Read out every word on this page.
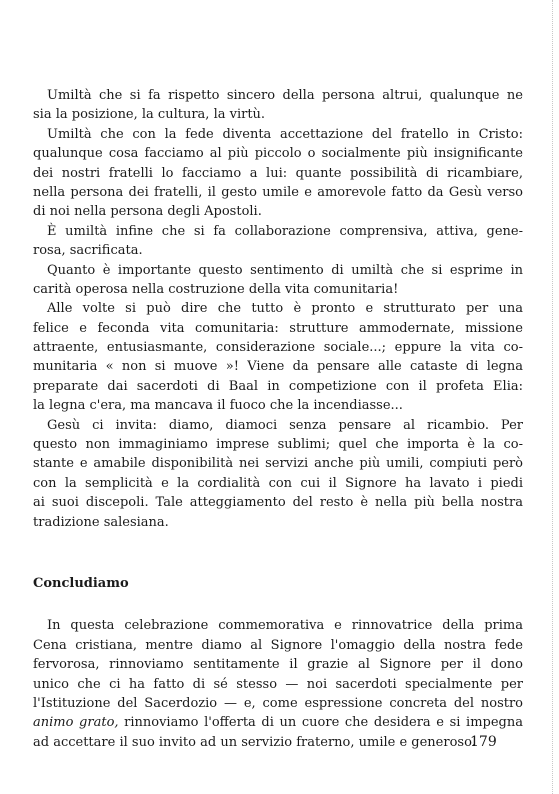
Umiltà che si fa rispetto sincero della persona altrui, qualunque ne
sia la posizione, la cultura, la virtù.
Umiltà che con la fede diventa accettazione del fratello in Cristo:
qualunque cosa facciamo al più piccolo o socialmente più insignificante
dei nostri fratelli lo facciamo a lui: quante possibilità di ricambiare,
nella persona dei fratelli, il gesto umile e amorevole fatto da Gesù verso
di noi nella persona degli Apostoli.
È umiltà infine che si fa collaborazione comprensiva, attiva, gene-
rosa, sacrificata.
Quanto è importante questo sentimento di umiltà che si esprime in
carità operosa nella costruzione della vita comunitaria!
Alle volte si può dire che tutto è pronto e strutturato per una
felice e feconda vita comunitaria: strutture ammodernate, missione
attraente, entusiasmante, considerazione sociale...; eppure la vita co-
munitaria « non si muove »! Viene da pensare alle cataste di legna
preparate dai sacerdoti di Baal in competizione con il profeta Elia:
la legna c'era, ma mancava il fuoco che la incendiasse...
Gesù ci invita: diamo, diamoci senza pensare al ricambio. Per
questo non immaginiamo imprese sublimi; quel che importa è la co-
stante e amabile disponibilità nei servizi anche più umili, compiuti però
con la semplicità e la cordialità con cui il Signore ha lavato i piedi
ai suoi discepoli. Tale atteggiamento del resto è nella più bella nostra
tradizione salesiana.
Concludiamo
In questa celebrazione commemorativa e rinnovatrice della prima
Cena cristiana, mentre diamo al Signore l'omaggio della nostra fede
fervorosa, rinnoviamo sentitamente il grazie al Signore per il dono
unico che ci ha fatto di sé stesso — noi sacerdoti specialmente per
l'Istituzione del Sacerdozio — e, come espressione concreta del nostro
animo grato, rinnoviamo l'offerta di un cuore che desidera e si impegna
ad accettare il suo invito ad un servizio fraterno, umile e generoso.
179
